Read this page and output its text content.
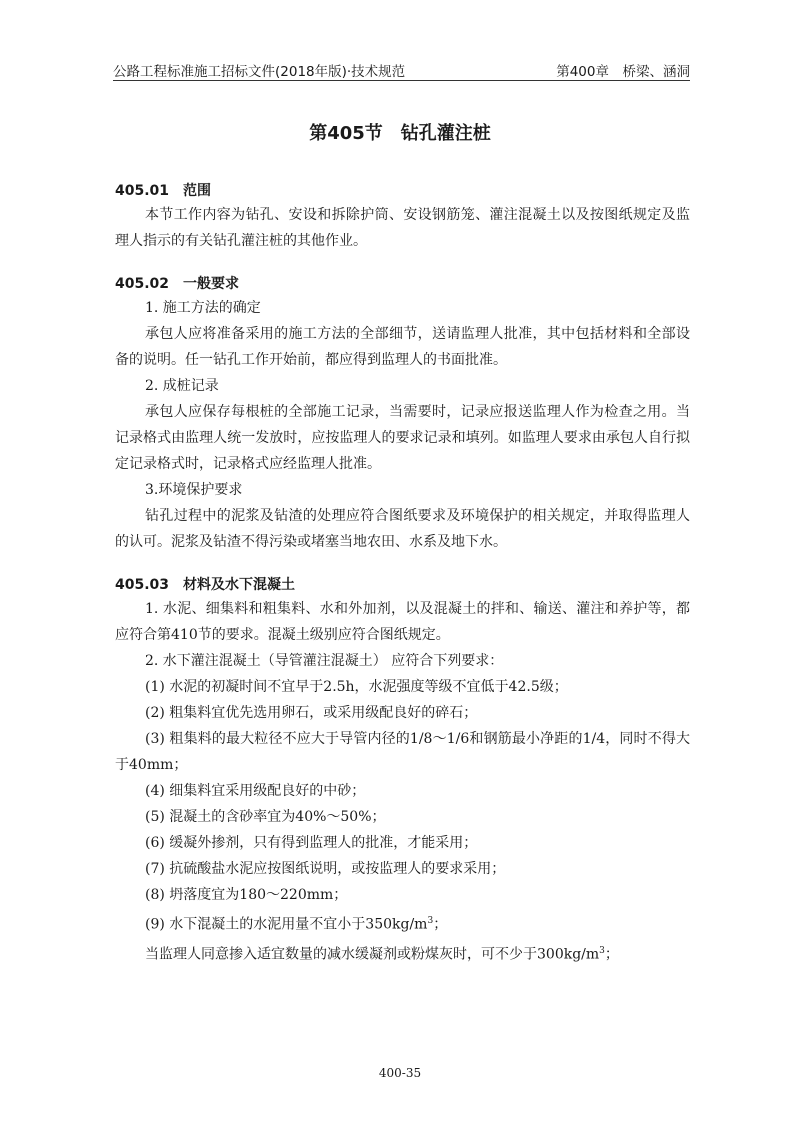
公路工程标准施工招标文件(2018年版)·技术规范	第400章　桥梁、涵洞
第405节　钻孔灌注桩
405.01　范围

本节工作内容为钻孔、安设和拆除护筒、安设钢筋笼、灌注混凝土以及按图纸规定及监理人指示的有关钻孔灌注桩的其他作业。

405.02　一般要求

1. 施工方法的确定

承包人应将准备采用的施工方法的全部细节，送请监理人批准，其中包括材料和全部设备的说明。任一钻孔工作开始前，都应得到监理人的书面批准。

2. 成桩记录

承包人应保存每根桩的全部施工记录，当需要时，记录应报送监理人作为检查之用。当记录格式由监理人统一发放时，应按监理人的要求记录和填列。如监理人要求由承包人自行拟定记录格式时，记录格式应经监理人批准。

3.环境保护要求

钻孔过程中的泥浆及钻渣的处理应符合图纸要求及环境保护的相关规定，并取得监理人的认可。泥浆及钻渣不得污染或堵塞当地农田、水系及地下水。

405.03　材料及水下混凝土

1. 水泥、细集料和粗集料、水和外加剂，以及混凝土的拌和、输送、灌注和养护等，都应符合第410节的要求。混凝土级别应符合图纸规定。

2. 水下灌注混凝土（导管灌注混凝土） 应符合下列要求：

(1) 水泥的初凝时间不宜早于2.5h，水泥强度等级不宜低于42.5级；

(2) 粗集料宜优先选用卵石，或采用级配良好的碎石；

(3) 粗集料的最大粒径不应大于导管内径的1/8～1/6和钢筋最小净距的1/4，同时不得大于40mm；

(4) 细集料宜采用级配良好的中砂；

(5) 混凝土的含砂率宜为40%～50%；

(6) 缓凝外掺剂，只有得到监理人的批准，才能采用；

(7) 抗硫酸盐水泥应按图纸说明，或按监理人的要求采用；

(8) 坍落度宜为180～220mm；

(9) 水下混凝土的水泥用量不宜小于$350kg/m^3$；

当监理人同意掺入适宜数量的减水缓凝剂或粉煤灰时，可不少于$300kg/m^3$；

400-35
